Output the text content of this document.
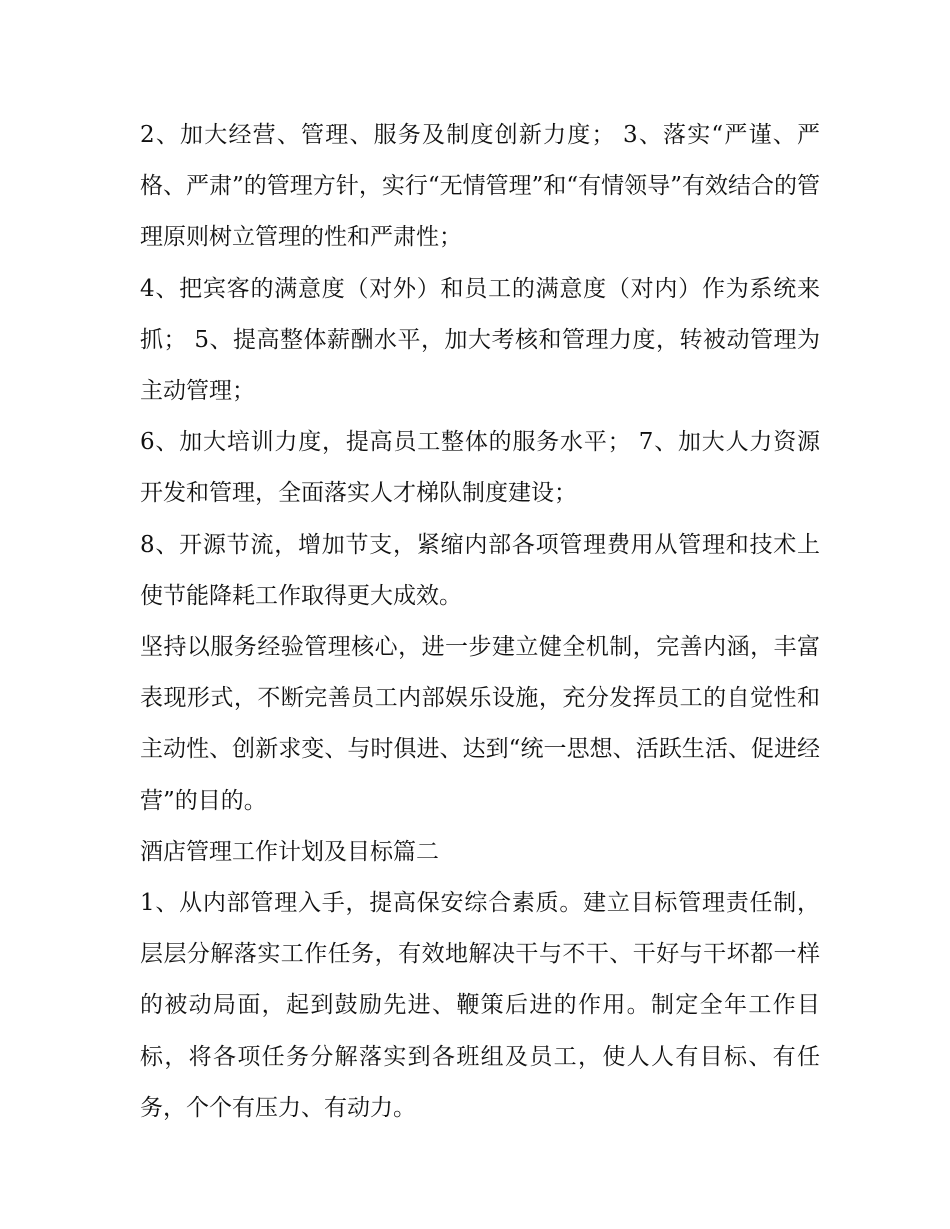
2、加大经营、管理、服务及制度创新力度； 3、落实“严谨、严格、严肃”的管理方针，实行“无情管理”和“有情领导”有效结合的管理原则树立管理的性和严肃性；

4、把宾客的满意度（对外）和员工的满意度（对内）作为系统来抓； 5、提高整体薪酬水平，加大考核和管理力度，转被动管理为主动管理；

6、加大培训力度，提高员工整体的服务水平； 7、加大人力资源开发和管理，全面落实人才梯队制度建设；

8、开源节流，增加节支，紧缩内部各项管理费用从管理和技术上使节能降耗工作取得更大成效。

坚持以服务经验管理核心，进一步建立健全机制，完善内涵，丰富表现形式，不断完善员工内部娱乐设施，充分发挥员工的自觉性和主动性、创新求变、与时俱进、达到“统一思想、活跃生活、促进经营”的目的。

酒店管理工作计划及目标篇二

1、从内部管理入手，提高保安综合素质。建立目标管理责任制，层层分解落实工作任务，有效地解决干与不干、干好与干坏都一样的被动局面，起到鼓励先进、鞭策后进的作用。制定全年工作目标，将各项任务分解落实到各班组及员工，使人人有目标、有任务，个个有压力、有动力。
